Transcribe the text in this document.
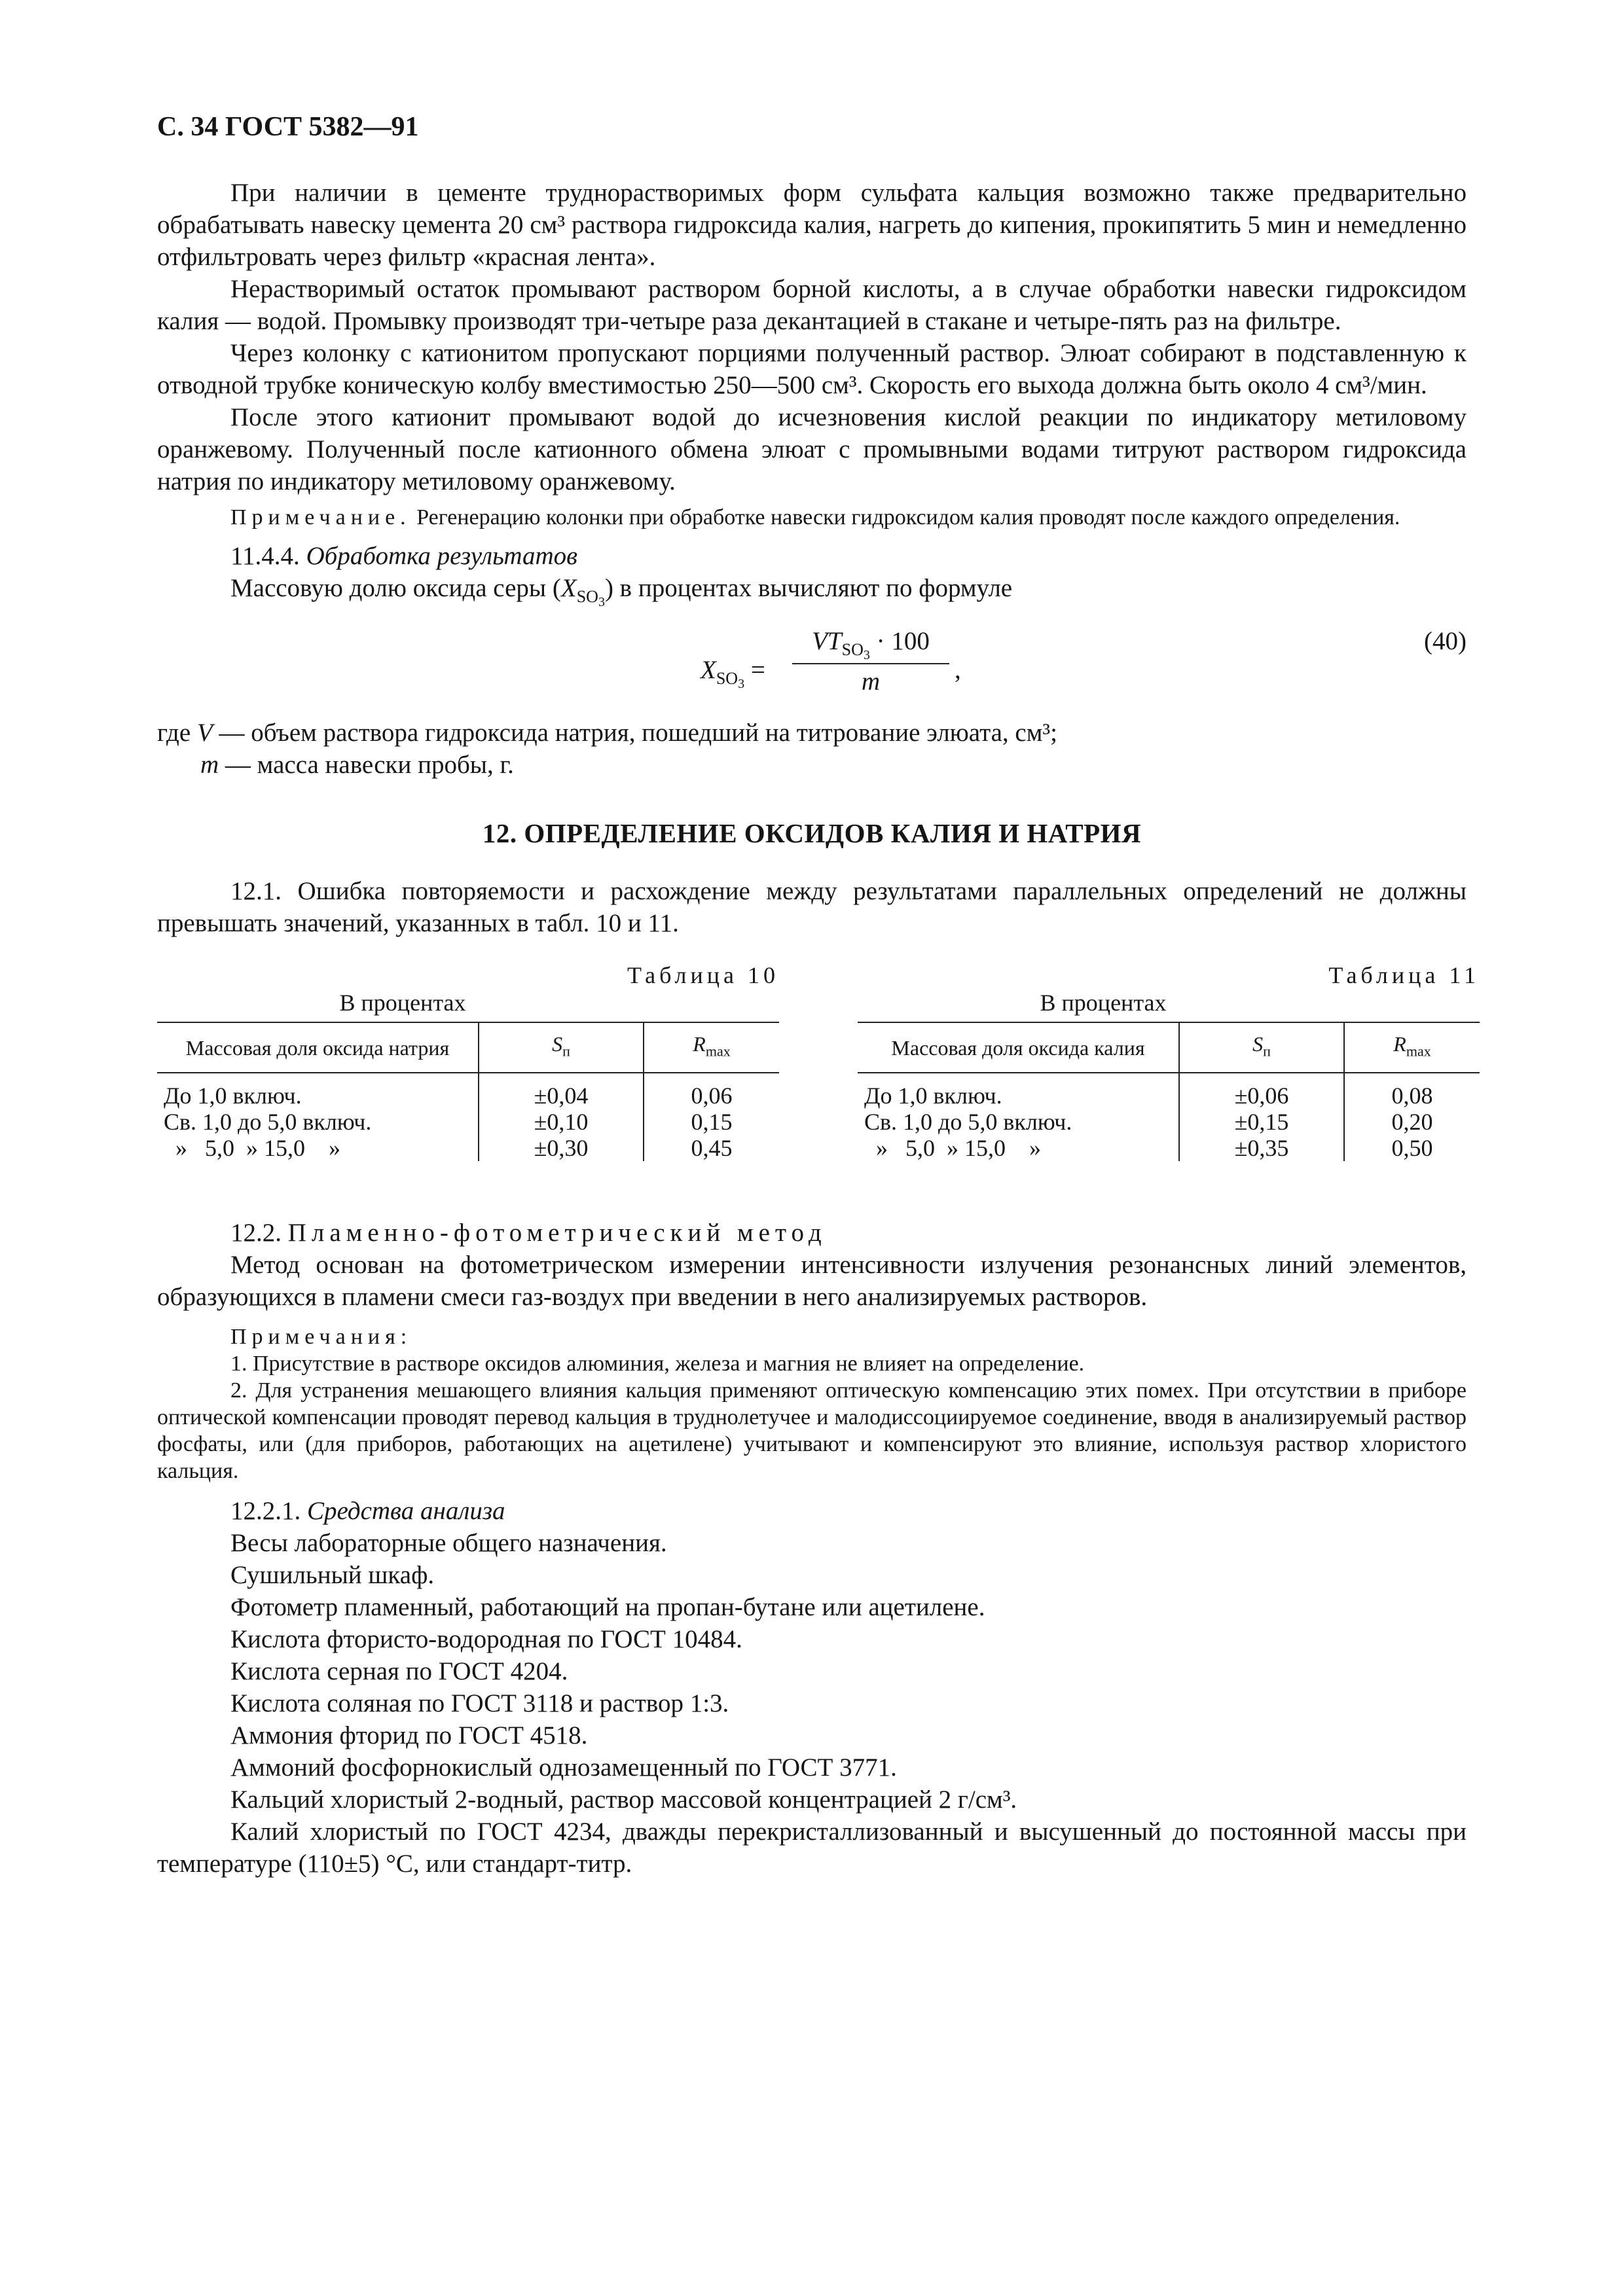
С. 34 ГОСТ 5382—91

При наличии в цементе труднорастворимых форм сульфата кальция возможно также предварительно обрабатывать навеску цемента 20 см³ раствора гидроксида калия, нагреть до кипения, прокипятить 5 мин и немедленно отфильтровать через фильтр «красная лента».

Нерастворимый остаток промывают раствором борной кислоты, а в случае обработки навески гидроксидом калия — водой. Промывку производят три-четыре раза декантацией в стакане и четыре-пять раз на фильтре.

Через колонку с катионитом пропускают порциями полученный раствор. Элюат собирают в подставленную к отводной трубке коническую колбу вместимостью 250—500 см³. Скорость его выхода должна быть около 4 см³/мин.

После этого катионит промывают водой до исчезновения кислой реакции по индикатору метиловому оранжевому. Полученный после катионного обмена элюат с промывными водами титруют раствором гидроксида натрия по индикатору метиловому оранжевому.

Примечание. Регенерацию колонки при обработке навески гидроксидом калия проводят после каждого определения.
11.4.4. Обработка результатов
Массовую долю оксида серы $(X_{SO_3})$ в процентах вычисляют по формуле
$X_{SO_3}$ =
$VT_{SO_3} \cdot 100$
m	,
(40)
где V — объем раствора гидроксида натрия, пошедший на титрование элюата, см³;
m — масса навески пробы, г.
12. ОПРЕДЕЛЕНИЕ ОКСИДОВ КАЛИЯ И НАТРИЯ

12.1. Ошибка повторяемости и расхождение между результатами параллельных определений не должны превышать значений, указанных в табл. 10 и 11.

Таблица 10
В процентах
Массовая доля оксида натрия	$S_п$	$R_{max}$
До 1,0 включ.	±0,04	0,06
Св. 1,0 до 5,0 включ.	±0,10	0,15
»   5,0  » 15,0    »	±0,30	0,45
Таблица 11
В процентах
Массовая доля оксида калия	$S_п$	$R_{max}$
До 1,0 включ.	±0,06	0,08
Св. 1,0 до 5,0 включ.	±0,15	0,20
»   5,0  » 15,0    »	±0,35	0,50
12.2. Пламенно-фотометрический метод

Метод основан на фотометрическом измерении интенсивности излучения резонансных линий элементов, образующихся в пламени смеси газ-воздух при введении в него анализируемых растворов.

Примечания:
1. Присутствие в растворе оксидов алюминия, железа и магния не влияет на определение.
2. Для устранения мешающего влияния кальция применяют оптическую компенсацию этих помех. При отсутствии в приборе оптической компенсации проводят перевод кальция в труднолетучее и малодиссоциируемое соединение, вводя в анализируемый раствор фосфаты, или (для приборов, работающих на ацетилене) учитывают и компенсируют это влияние, используя раствор хлористого кальция.
12.2.1. Средства анализа

Весы лабораторные общего назначения.

Сушильный шкаф.

Фотометр пламенный, работающий на пропан-бутане или ацетилене.

Кислота фтористо-водородная по ГОСТ 10484.

Кислота серная по ГОСТ 4204.

Кислота соляная по ГОСТ 3118 и раствор 1:3.

Аммония фторид по ГОСТ 4518.

Аммоний фосфорнокислый однозамещенный по ГОСТ 3771.

Кальций хлористый 2-водный, раствор массовой концентрацией 2 г/см³.

Калий хлористый по ГОСТ 4234, дважды перекристаллизованный и высушенный до постоянной массы при температуре (110±5) °С, или стандарт-титр.
